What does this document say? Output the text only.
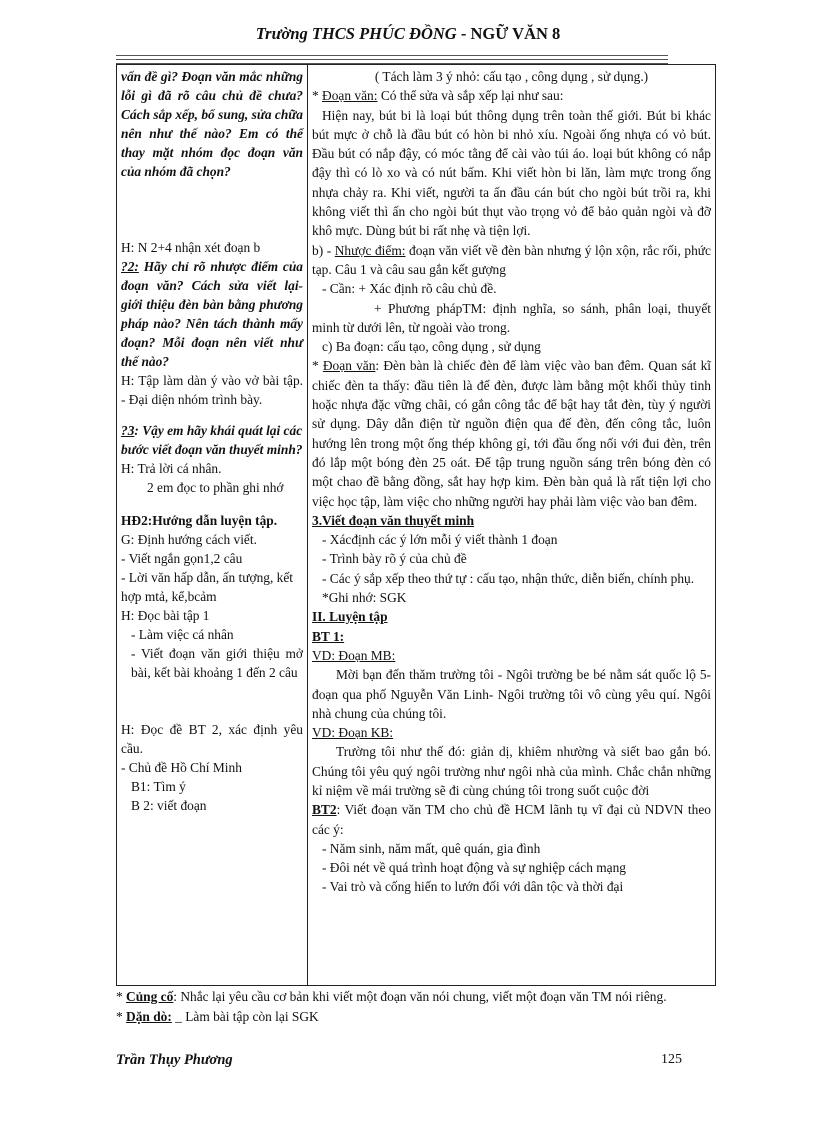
Trường THCS PHÚC ĐỒNG - NGỮ VĂN 8

vấn đề gì? Đoạn văn mắc những lỗi gì đã rõ câu chủ đề chưa? Cách sắp xếp, bổ sung, sửa chữa nên như thế nào? Em có thể thay mặt nhóm đọc đoạn văn của nhóm đã chọn?

H: N 2+4 nhận xét đoạn b

?2: Hãy chỉ rõ nhược điểm của đoạn văn? Cách sửa viết lại- giới thiệu đèn bàn bằng phương pháp nào? Nên tách thành mấy đoạn? Mỗi đoạn nên viết như thế nào?

H: Tập làm dàn ý vào vở bài tập. - Đại diện nhóm trình bày.

?3: Vậy em hãy khái quát lại các bước viết đoạn văn thuyết minh?

H: Trả lời cá nhân.

2 em đọc to phần ghi nhớ

HĐ2:Hướng dẫn luyện tập.

G: Định hướng cách viết.

- Viết ngắn gọn1,2 câu

- Lời văn hấp dẫn, ấn tượng, kết hợp mtả, kể,bcảm

H: Đọc bài tập 1

- Làm việc cá nhân

- Viết đoạn văn giới thiệu mở bài, kết bài khoảng 1 đến 2 câu

H: Đọc đề BT 2, xác định yêu cầu.

- Chủ đề Hồ Chí Minh

B1: Tìm ý

B 2: viết đoạn

( Tách làm 3 ý nhỏ: cấu tạo , công dụng , sử dụng.)

* Đoạn văn: Có thể sửa và sắp xếp lại như sau:

Hiện nay, bút bi là loại bút thông dụng trên toàn thế giới. Bút bi khác bút mực ở chỗ là đầu bút có hòn bi nhỏ xíu. Ngoài ống nhựa có vỏ bút. Đầu bút có nắp đậy, có móc tằng để cài vào túi áo. loại bút không có nắp đậy thì có lò xo và có nút bấm. Khi viết hòn bi lăn, làm mực trong ống nhựa chảy ra. Khi viết, người ta ấn đầu cán bút cho ngòi bút trồi ra, khi không viết thì ấn cho ngòi bút thụt vào trọng vỏ để bảo quản ngòi và đỡ khô mực. Dùng bút bi rất nhẹ và tiện lợi.

b) - Nhược điểm: đoạn văn viết về đèn bàn nhưng ý lộn xộn, rắc rối, phức tạp. Câu 1 và câu sau gắn kết gượng

- Cần: + Xác định rõ câu chủ đề.

+ Phương phápTM: định nghĩa, so sánh, phân loại, thuyết minh từ dưới lên, từ ngoài vào trong.

c) Ba đoạn: cấu tạo, công dụng , sử dụng

* Đoạn văn: Đèn bàn là chiếc đèn để làm việc vào ban đêm. Quan sát kĩ chiếc đèn ta thấy: đầu tiên là đế đèn, được làm bằng một khối thủy tinh hoặc nhựa đặc vững chãi, có gắn công tắc để bật hay tắt đèn, tùy ý người sử dụng. Dây dẫn điện từ nguồn điện qua đế đèn, đến công tắc, luôn hướng lên trong một ống thép không gỉ, tới đầu ống nối với đui đèn, trên đó lắp một bóng đèn 25 oát. Để tập trung nguồn sáng trên bóng đèn có một chao đề bằng đồng, sắt hay hợp kim. Đèn bàn quả là rất tiện lợi cho việc học tập, làm việc cho những người hay phải làm việc vào ban đêm.

3.Viết đoạn văn thuyết minh

- Xácđịnh các ý lớn mỗi ý viết thành 1 đoạn

- Trình bày rõ ý của chủ đề

- Các ý sắp xếp theo thứ tự : cấu tạo, nhận thức, diễn biến, chính phụ.

*Ghi nhớ: SGK

II. Luyện tập

BT 1:

VD: Đoạn MB:

Mời bạn đến thăm trường tôi - Ngôi trường be bé nằm sát quốc lộ 5- đoạn qua phố Nguyễn Văn Linh- Ngôi trường tôi vô cùng yêu quí. Ngôi nhà chung của chúng tôi.

VD: Đoạn KB:

Trường tôi như thế đó: giản dị, khiêm nhường và siết bao gắn bó. Chúng tôi yêu quý ngôi trường như ngôi nhà của mình. Chắc chắn những kỉ niệm về mái trường sẽ đi cùng chúng tôi trong suốt cuộc đời

BT2: Viết đoạn văn TM cho chủ đề HCM lãnh tụ vĩ đại củ NDVN theo các ý:

- Năm sinh, năm mất, quê quán, gia đình

- Đôi nét về quá trình hoạt động và sự nghiệp cách mạng

- Vai trò và cống hiến to lướn đối với dân tộc và thời đại

* Củng cố: Nhắc lại yêu cầu cơ bản khi viết một đoạn văn nói chung, viết một đoạn văn TM nói riêng.

* Dặn dò: _ Làm bài tập còn lại SGK

Trần Thụy Phương	125
